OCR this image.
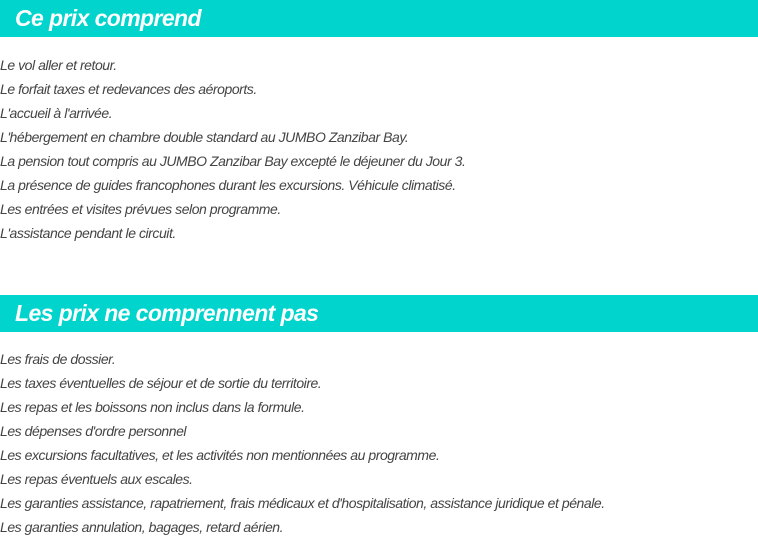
Ce prix comprend
Le vol aller et retour.
Le forfait taxes et redevances des aéroports.
L'accueil à l'arrivée.
L'hébergement en chambre double standard au JUMBO Zanzibar Bay.
La pension tout compris au JUMBO Zanzibar Bay excepté le déjeuner du Jour 3.
La présence de guides francophones durant les excursions. Véhicule climatisé.
Les entrées et visites prévues selon programme.
L'assistance pendant le circuit.
Les prix ne comprennent pas
Les frais de dossier.
Les taxes éventuelles de séjour et de sortie du territoire.
Les repas et les boissons non inclus dans la formule.
Les dépenses d'ordre personnel
Les excursions facultatives, et les activités non mentionnées au programme.
Les repas éventuels aux escales.
Les garanties assistance, rapatriement, frais médicaux et d'hospitalisation, assistance juridique et pénale.
Les garanties annulation, bagages, retard aérien.
